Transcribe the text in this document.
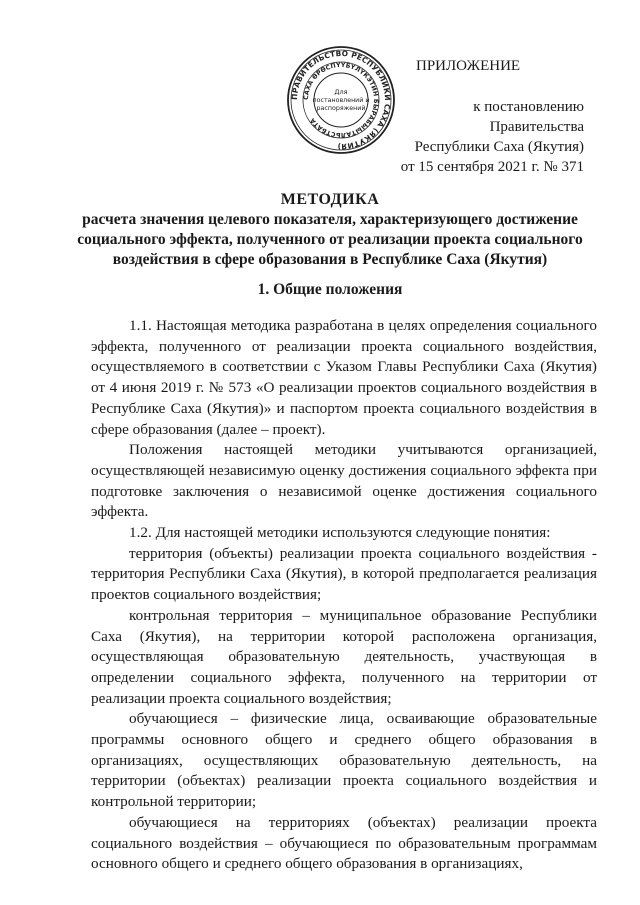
ПРАВИТЕЛЬСТВО РЕСПУБЛИКИ САХА (ЯКУТИЯ)
САХА ӨРӨСПҮҮБҮЛҮКЭТИН БЫРАБЫЫТАЛЬСТБАТА
Для
постановлений и
распоряжений
ПРИЛОЖЕНИЕ
к постановлению Правительства
Республики Саха (Якутия)
от 15 сентября 2021 г. № 371
МЕТОДИКА
расчета значения целевого показателя, характеризующего достижение социального эффекта, полученного от реализации проекта социального воздействия в сфере образования в Республике Саха (Якутия)
1. Общие положения

1.1. Настоящая методика разработана в целях определения социального эффекта, полученного от реализации проекта социального воздействия, осуществляемого в соответствии с Указом Главы Республики Саха (Якутия) от 4 июня 2019 г. № 573 «О реализации проектов социального воздействия в Республике Саха (Якутия)» и паспортом проекта социального воздействия в сфере образования (далее – проект).

Положения настоящей методики учитываются организацией, осуществляющей независимую оценку достижения социального эффекта при подготовке заключения о независимой оценке достижения социального эффекта.

1.2. Для настоящей методики используются следующие понятия:

территория (объекты) реализации проекта социального воздействия - территория Республики Саха (Якутия), в которой предполагается реализация проектов социального воздействия;

контрольная территория – муниципальное образование Республики Саха (Якутия), на территории которой расположена организация, осуществляющая образовательную деятельность, участвующая в определении социального эффекта, полученного на территории от реализации проекта социального воздействия;

обучающиеся – физические лица, осваивающие образовательные программы основного общего и среднего общего образования в организациях, осуществляющих образовательную деятельность, на территории (объектах) реализации проекта социального воздействия и контрольной территории;

обучающиеся на территориях (объектах) реализации проекта социального воздействия – обучающиеся по образовательным программам основного общего и среднего общего образования в организациях,
